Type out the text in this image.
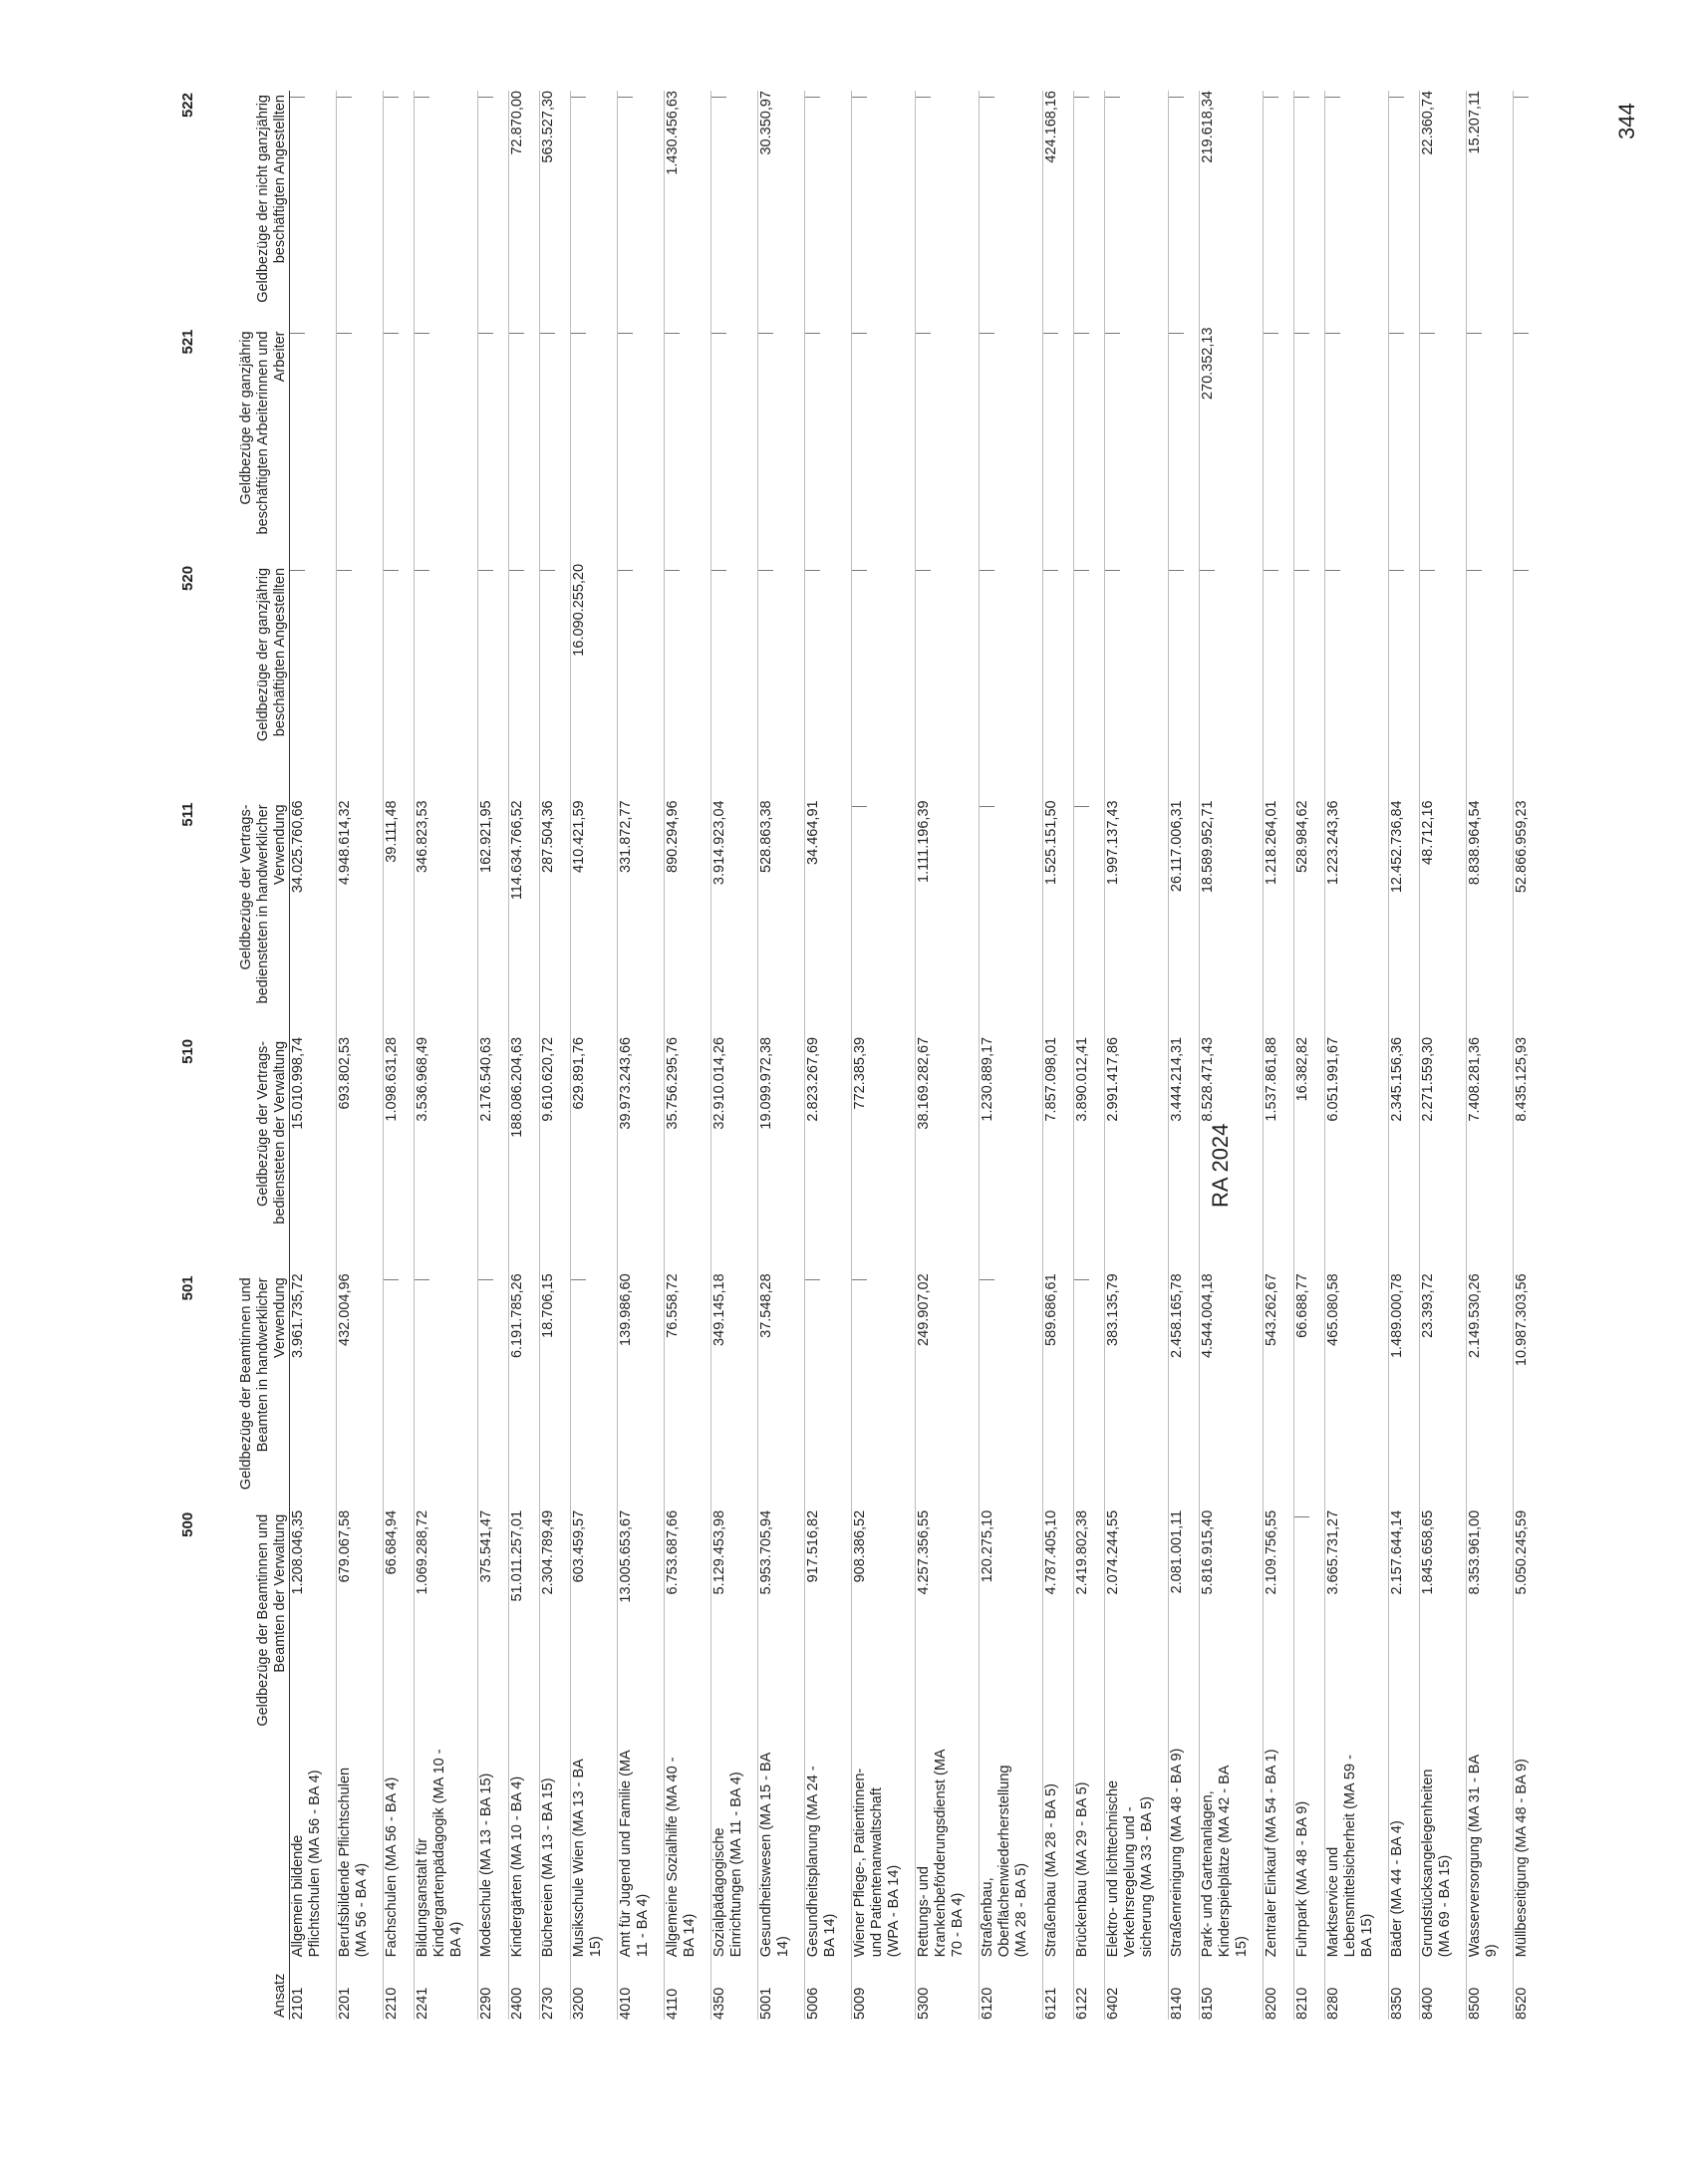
		500	501	510	511	520	521	522
Ansatz		Geldbezüge der Beamtinnen und Beamten der Verwaltung	Geldbezüge der Beamtinnen und Beamten in handwerklicher Verwendung	Geldbezüge der Vertrags-bediensteten der Verwaltung	Geldbezüge der Vertrags-bediensteten in handwerklicher Verwendung	Geldbezüge der ganzjährig beschäftigten Angestellten	Geldbezüge der ganzjährig beschäftigten Arbeiterinnen und Arbeiter	Geldbezüge der nicht ganzjährig beschäftigten Angestellten
2101	Allgemein bildende Pflichtschulen (MA 56 - BA 4)	1.208.046,35	3.961.735,72	15.010.998,74	34.025.760,66			

2201	Berufsbildende Pflichtschulen (MA 56 - BA 4)	679.067,58	432.004,96	693.802,53	4.948.614,32			

2210	Fachschulen (MA 56 - BA 4)	66.684,94		1.098.631,28	39.111,48			

2241	Bildungsanstalt für Kindergartenpädagogik (MA 10 - BA 4)	1.069.288,72		3.536.968,49	346.823,53			

2290	Modeschule (MA 13 - BA 15)	375.541,47		2.176.540,63	162.921,95			

2400	Kindergärten (MA 10 - BA 4)	51.011.257,01	6.191.785,26	188.086.204,63	114.634.766,52			72.870,00

2730	Büchereien (MA 13 - BA 15)	2.304.789,49	18.706,15	9.610.620,72	287.504,36			563.527,30

3200	Musikschule Wien (MA 13 - BA 15)	603.459,57		629.891,76	410.421,59	16.090.255,20		

4010	Amt für Jugend und Familie (MA 11 - BA 4)	13.005.653,67	139.986,60	39.973.243,66	331.872,77			

4110	Allgemeine Sozialhilfe (MA 40 - BA 14)	6.753.687,66	76.558,72	35.756.295,76	890.294,96			1.430.456,63

4350	Sozialpädagogische Einrichtungen (MA 11 - BA 4)	5.129.453,98	349.145,18	32.910.014,26	3.914.923,04			

5001	Gesundheitswesen (MA 15 - BA 14)	5.953.705,94	37.548,28	19.099.972,38	528.863,38			30.350,97

5006	Gesundheitsplanung (MA 24 - BA 14)	917.516,82		2.823.267,69	34.464,91			

5009	Wiener Pflege-, Patientinnen- und Patientenanwaltschaft (WPA - BA 14)	908.386,52		772.385,39				

5300	Rettungs- und Krankenbeförderungsdienst (MA 70 - BA 4)	4.257.356,55	249.907,02	38.169.282,67	1.111.196,39			

6120	Straßenbau, Oberflächenwiederherstellung (MA 28 - BA 5)	120.275,10		1.230.889,17				

6121	Straßenbau (MA 28 - BA 5)	4.787.405,10	589.686,61	7.857.098,01	1.525.151,50			424.168,16

6122	Brückenbau (MA 29 - BA 5)	2.419.802,38		3.890.012,41				

6402	Elektro- und lichttechnische Verkehrsregelung und -sicherung (MA 33 - BA 5)	2.074.244,55	383.135,79	2.991.417,86	1.997.137,43			

8140	Straßenreinigung (MA 48 - BA 9)	2.081.001,11	2.458.165,78	3.444.214,31	26.117.006,31			

8150	Park- und Gartenanlagen, Kinderspielplätze (MA 42 - BA 15)	5.816.915,40	4.544.004,18	8.528.471,43	18.589.952,71		270.352,13	219.618,34

8200	Zentraler Einkauf (MA 54 - BA 1)	2.109.756,55	543.262,67	1.537.861,88	1.218.264,01			

8210	Fuhrpark (MA 48 - BA 9)		66.688,77	16.382,82	528.984,62			

8280	Marktservice und Lebensmittelsicherheit (MA 59 - BA 15)	3.665.731,27	465.080,58	6.051.991,67	1.223.243,36			

8350	Bäder (MA 44 - BA 4)	2.157.644,14	1.489.000,78	2.345.156,36	12.452.736,84			

8400	Grundstücksangelegenheiten (MA 69 - BA 15)	1.845.658,65	23.393,72	2.271.559,30	48.712,16			22.360,74

8500	Wasserversorgung (MA 31 - BA 9)	8.353.961,00	2.149.530,26	7.408.281,36	8.838.964,54			15.207,11

8520	Müllbeseitigung (MA 48 - BA 9)	5.050.245,59	10.987.303,56	8.435.125,93	52.866.959,23			
RA 2024
344
